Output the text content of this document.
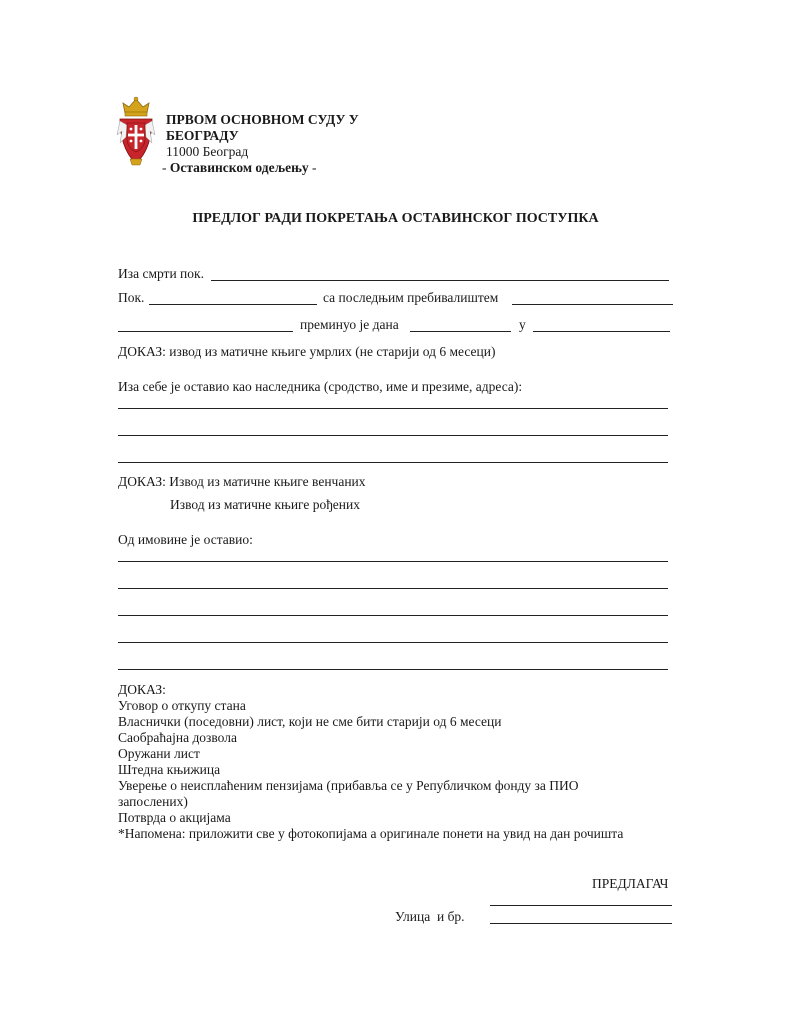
ПРВОМ ОСНОВНОМ СУДУ У
БЕОГРАДУ
11000 Београд
- Оставинском одељењу -
ПРЕДЛОГ РАДИ ПОКРЕТАЊА ОСТАВИНСКОГ ПОСТУПКА
Иза смрти пок.
Пок.	са последњим пребивалиштем
преминуо је дана	у
ДОКАЗ: извод из матичне књиге умрлих (не старији од 6 месеци)
Иза себе је оставио као наследника (сродство, име и презиме, адреса):
ДОКАЗ: Извод из матичне књиге венчаних
Извод из матичне књиге рођених
Од имовине је оставио:
ДОКАЗ:
Уговор о откупу стана
Власнички (поседовни) лист, који не сме бити старији од 6 месеци
Саобраћајна дозвола
Оружани лист
Штедна књижица
Уверење о неисплаћеним пензијама (прибавља се у Републичком фонду за ПИО
запослених)
Потврда о акцијама
*Напомена: приложити све у фотокопијама а оригинале понети на увид на дан рочишта
ПРЕДЛАГАЧ
Улица  и бр.
